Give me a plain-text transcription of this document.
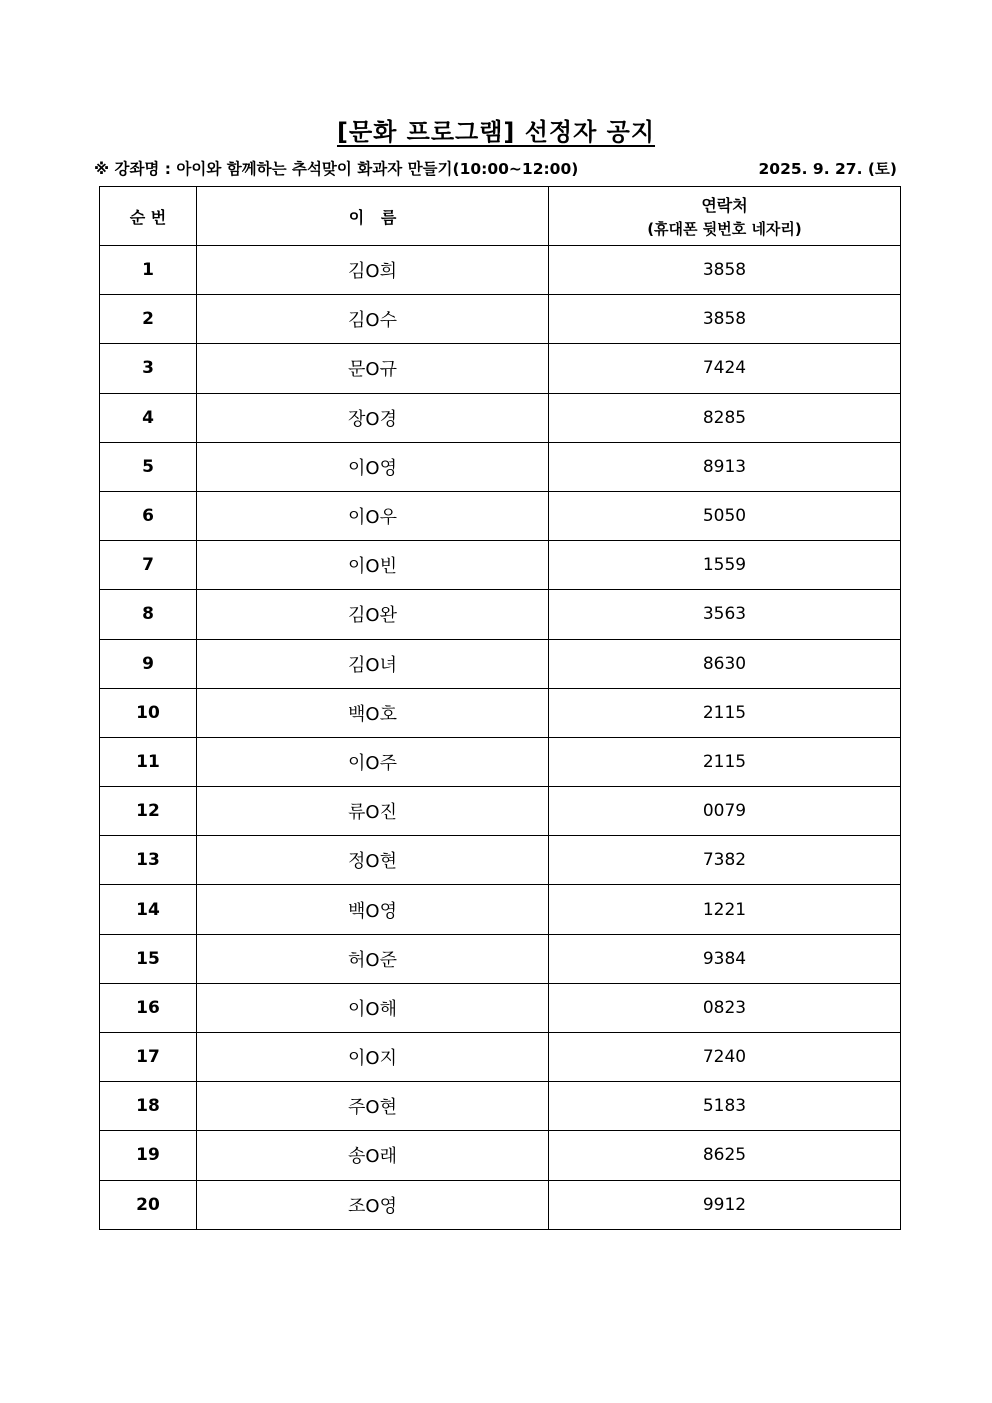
[문화 프로그램] 선정자 공지
※ 강좌명 : 아이와 함께하는 추석맞이 화과자 만들기(10:00~12:00)	2025. 9. 27. (토)
순 번	이   름	연락처
(휴대폰 뒷번호 네자리)

1	김O희	3858
2	김O수	3858
3	문O규	7424
4	장O경	8285
5	이O영	8913
6	이O우	5050
7	이O빈	1559
8	김O완	3563
9	김O녀	8630
10	백O호	2115
11	이O주	2115
12	류O진	0079
13	정O현	7382
14	백O영	1221
15	허O준	9384
16	이O해	0823
17	이O지	7240
18	주O현	5183
19	송O래	8625
20	조O영	9912
